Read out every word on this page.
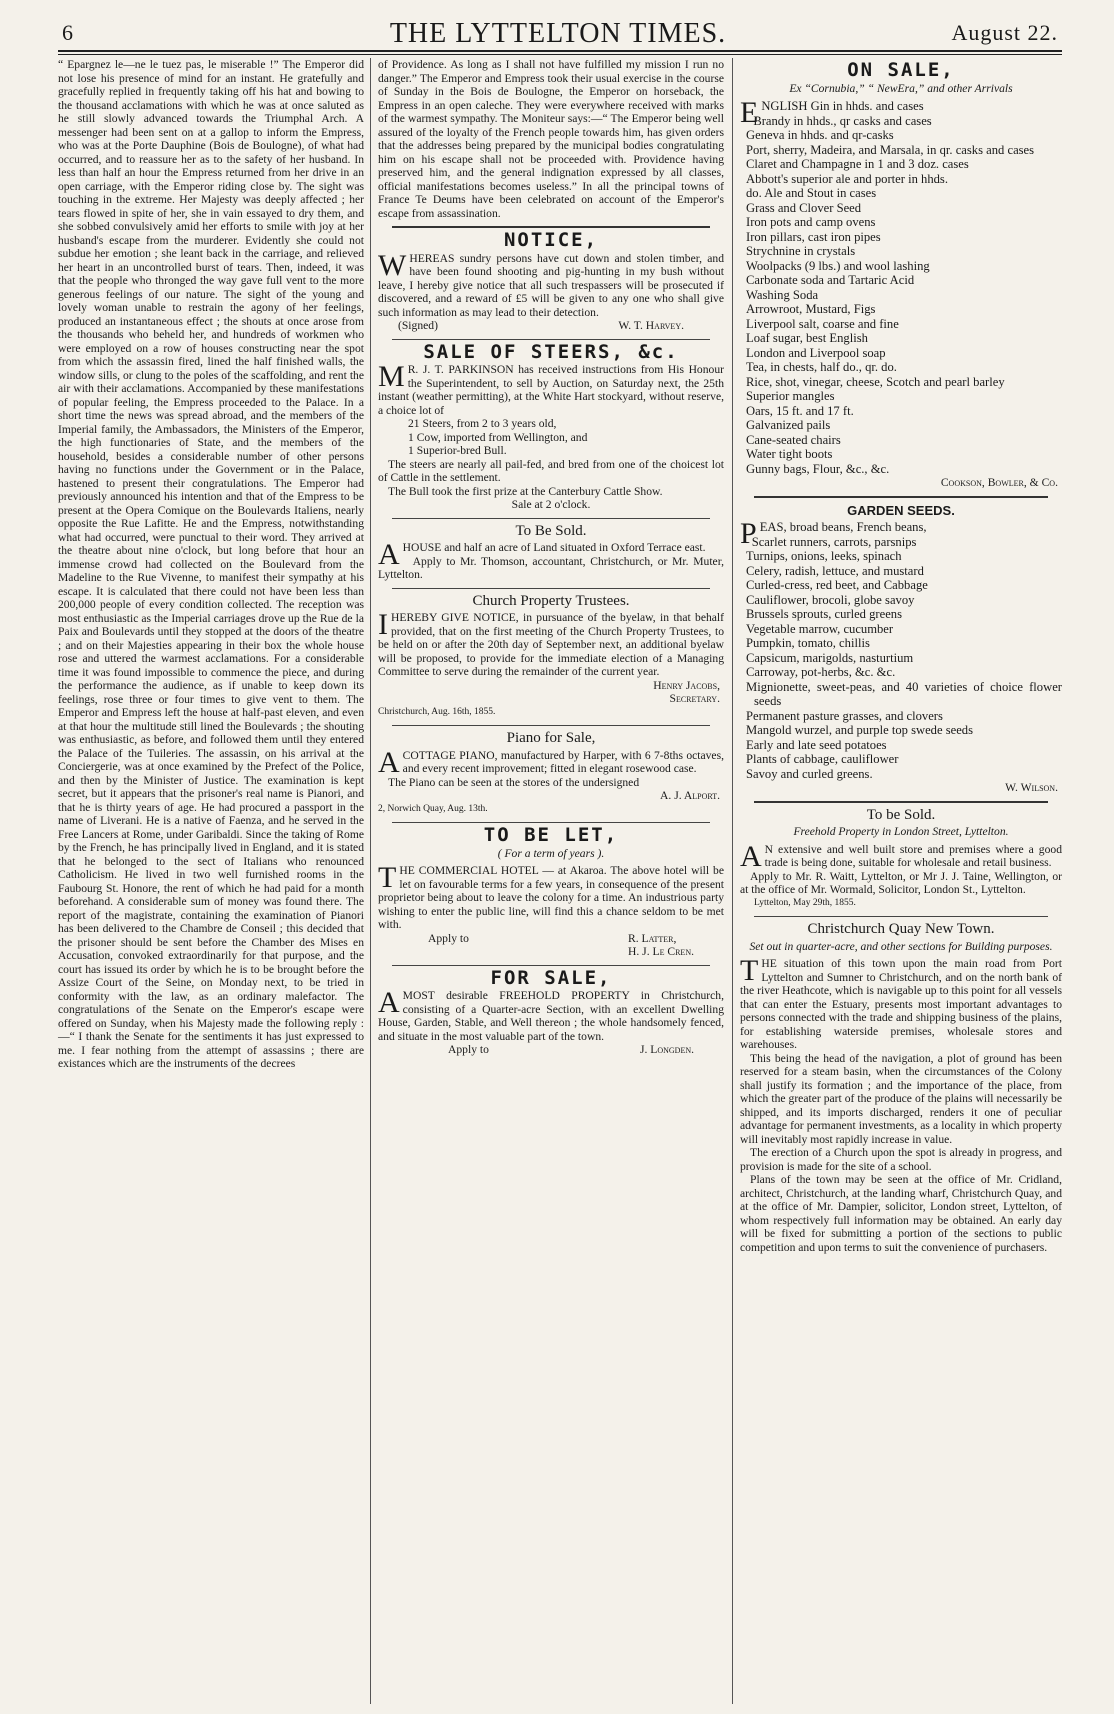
6	THE LYTTELTON TIMES.	August 22.

“ Epargnez le—ne le tuez pas, le miserable !” The Emperor did not lose his presence of mind for an instant. He gratefully and gracefully replied in frequently taking off his hat and bowing to the thousand acclamations with which he was at once saluted as he still slowly advanced towards the Triumphal Arch. A messenger had been sent on at a gallop to inform the Empress, who was at the Porte Dauphine (Bois de Boulogne), of what had occurred, and to reassure her as to the safety of her husband. In less than half an hour the Empress returned from her drive in an open carriage, with the Emperor riding close by. The sight was touching in the extreme. Her Majesty was deeply affected ; her tears flowed in spite of her, she in vain essayed to dry them, and she sobbed convulsively amid her efforts to smile with joy at her husband's escape from the murderer. Evidently she could not subdue her emotion ; she leant back in the carriage, and relieved her heart in an uncontrolled burst of tears. Then, indeed, it was that the people who thronged the way gave full vent to the more generous feelings of our nature. The sight of the young and lovely woman unable to restrain the agony of her feelings, produced an instantaneous effect ; the shouts at once arose from the thousands who beheld her, and hundreds of workmen who were employed on a row of houses constructing near the spot from which the assassin fired, lined the half finished walls, the window sills, or clung to the poles of the scaffolding, and rent the air with their acclamations. Accompanied by these manifestations of popular feeling, the Empress proceeded to the Palace. In a short time the news was spread abroad, and the members of the Imperial family, the Ambassadors, the Ministers of the Emperor, the high functionaries of State, and the members of the household, besides a considerable number of other persons having no functions under the Government or in the Palace, hastened to present their congratulations. The Emperor had previously announced his intention and that of the Empress to be present at the Opera Comique on the Boulevards Italiens, nearly opposite the Rue Lafitte. He and the Empress, notwithstanding what had occurred, were punctual to their word. They arrived at the theatre about nine o'clock, but long before that hour an immense crowd had collected on the Boulevard from the Madeline to the Rue Vivenne, to manifest their sympathy at his escape. It is calculated that there could not have been less than 200,000 people of every condition collected. The reception was most enthusiastic as the Imperial carriages drove up the Rue de la Paix and Boulevards until they stopped at the doors of the theatre ; and on their Majesties appearing in their box the whole house rose and uttered the warmest acclamations. For a considerable time it was found impossible to commence the piece, and during the performance the audience, as if unable to keep down its feelings, rose three or four times to give vent to them. The Emperor and Empress left the house at half-past eleven, and even at that hour the multitude still lined the Boulevards ; the shouting was enthusiastic, as before, and followed them until they entered the Palace of the Tuileries. The assassin, on his arrival at the Conciergerie, was at once examined by the Prefect of the Police, and then by the Minister of Justice. The examination is kept secret, but it appears that the prisoner's real name is Pianori, and that he is thirty years of age. He had procured a passport in the name of Liverani. He is a native of Faenza, and he served in the Free Lancers at Rome, under Garibaldi. Since the taking of Rome by the French, he has principally lived in England, and it is stated that he belonged to the sect of Italians who renounced Catholicism. He lived in two well furnished rooms in the Faubourg St. Honore, the rent of which he had paid for a month beforehand. A considerable sum of money was found there. The report of the magistrate, containing the examination of Pianori has been delivered to the Chambre de Conseil ; this decided that the prisoner should be sent before the Chamber des Mises en Accusation, convoked extraordinarily for that purpose, and the court has issued its order by which he is to be brought before the Assize Court of the Seine, on Monday next, to be tried in conformity with the law, as an ordinary malefactor. The congratulations of the Senate on the Emperor's escape were offered on Sunday, when his Majesty made the following reply :—“ I thank the Senate for the sentiments it has just expressed to me. I fear nothing from the attempt of assassins ; there are existances which are the instruments of the decrees

of Providence. As long as I shall not have fulfilled my mission I run no danger.” The Emperor and Empress took their usual exercise in the course of Sunday in the Bois de Boulogne, the Emperor on horseback, the Empress in an open caleche. They were everywhere received with marks of the warmest sympathy. The Moniteur says:—“ The Emperor being well assured of the loyalty of the French people towards him, has given orders that the addresses being prepared by the municipal bodies congratulating him on his escape shall not be proceeded with. Providence having preserved him, and the general indignation expressed by all classes, official manifestations becomes useless.” In all the principal towns of France Te Deums have been celebrated on account of the Emperor's escape from assassination.

NOTICE,

WHEREAS sundry persons have cut down and stolen timber, and have been found shooting and pig-hunting in my bush without leave, I hereby give notice that all such trespassers will be prosecuted if discovered, and a reward of £5 will be given to any one who shall give such information as may lead to their detection.

(Signed)	W. T. Harvey.
SALE OF STEERS, &c.

M R. J. T. PARKINSON has received instructions from His Honour the Superintendent, to sell by Auction, on Saturday next, the 25th instant (weather permitting), at the White Hart stockyard, without reserve, a choice lot of

21 Steers, from 2 to 3 years old,
1 Cow, imported from Wellington, and
1 Superior-bred Bull.

The steers are nearly all pail-fed, and bred from one of the choicest lot of Cattle in the settlement.

The Bull took the first prize at the Canterbury Cattle Show.

Sale at 2 o'clock.
To Be Sold.

AHOUSE and half an acre of Land situated in Oxford Terrace east.

Apply to Mr. Thomson, accountant, Christchurch, or Mr. Muter, Lyttelton.

Church Property Trustees.

IHEREBY GIVE NOTICE, in pursuance of the byelaw, in that behalf provided, that on the first meeting of the Church Property Trustees, to be held on or after the 20th day of September next, an additional byelaw will be proposed, to provide for the immediate election of a Managing Committee to serve during the remainder of the current year.

Henry Jacobs,
Secretary.
Christchurch, Aug. 16th, 1855.
Piano for Sale,

ACOTTAGE PIANO, manufactured by Harper, with 6 7-8ths octaves, and every recent improvement; fitted in elegant rosewood case.

The Piano can be seen at the stores of the undersigned

A. J. Alport.
2, Norwich Quay, Aug. 13th.
TO BE LET,
( For a term of years ).

THE COMMERCIAL HOTEL — at Akaroa. The above hotel will be let on favourable terms for a few years, in consequence of the present proprietor being about to leave the colony for a time. An industrious party wishing to enter the public line, will find this a chance seldom to be met with.

Apply to	R. Latter,
H. J. Le Cren.
FOR SALE,

AMOST desirable FREEHOLD PROPERTY in Christchurch, consisting of a Quarter-acre Section, with an excellent Dwelling House, Garden, Stable, and Well thereon ; the whole handsomely fenced, and situate in the most valuable part of the town.

Apply to	J. Longden.
ON SALE,
Ex “Cornubia,” “ NewEra,” and other Arrivals
ENGLISH Gin in hhds. and cases
Brandy in hhds., qr casks and cases
Geneva in hhds. and qr-casks
Port, sherry, Madeira, and Marsala, in qr. casks and cases
Claret and Champagne in 1 and 3 doz. cases
Abbott's superior ale and porter in hhds.
do. Ale and Stout in cases
Grass and Clover Seed
Iron pots and camp ovens
Iron pillars, cast iron pipes
Strychnine in crystals
Woolpacks (9 lbs.) and wool lashing
Carbonate soda and Tartaric Acid
Washing Soda
Arrowroot, Mustard, Figs
Liverpool salt, coarse and fine
Loaf sugar, best English
London and Liverpool soap
Tea, in chests, half do., qr. do.
Rice, shot, vinegar, cheese, Scotch and pearl barley
Superior mangles
Oars, 15 ft. and 17 ft.
Galvanized pails
Cane-seated chairs
Water tight boots
Gunny bags, Flour, &c., &c.
Cookson, Bowler, & Co.
GARDEN SEEDS.
PEAS, broad beans, French beans,
Scarlet runners, carrots, parsnips
Turnips, onions, leeks, spinach
Celery, radish, lettuce, and mustard
Curled-cress, red beet, and Cabbage
Cauliflower, brocoli, globe savoy
Brussels sprouts, curled greens
Vegetable marrow, cucumber
Pumpkin, tomato, chillis
Capsicum, marigolds, nasturtium
Carroway, pot-herbs, &c. &c.
Mignionette, sweet-peas, and 40 varieties of choice flower seeds
Permanent pasture grasses, and clovers
Mangold wurzel, and purple top swede seeds
Early and late seed potatoes
Plants of cabbage, cauliflower
Savoy and curled greens.
W. Wilson.
To be Sold.
Freehold Property in London Street, Lyttelton.

A N extensive and well built store and premises where a good trade is being done, suitable for wholesale and retail business.

Apply to Mr. R. Waitt, Lyttelton, or Mr J. J. Taine, Wellington, or at the office of Mr. Wormald, Solicitor, London St., Lyttelton.

Lyttelton, May 29th, 1855.
Christchurch Quay New Town.
Set out in quarter-acre, and other sections for Building purposes.

THE situation of this town upon the main road from Port Lyttelton and Sumner to Christchurch, and on the north bank of the river Heathcote, which is navigable up to this point for all vessels that can enter the Estuary, presents most important advantages to persons connected with the trade and shipping business of the plains, for establishing waterside premises, wholesale stores and warehouses.

This being the head of the navigation, a plot of ground has been reserved for a steam basin, when the circumstances of the Colony shall justify its formation ; and the importance of the place, from which the greater part of the produce of the plains will necessarily be shipped, and its imports discharged, renders it one of peculiar advantage for permanent investments, as a locality in which property will inevitably most rapidly increase in value.

The erection of a Church upon the spot is already in progress, and provision is made for the site of a school.

Plans of the town may be seen at the office of Mr. Cridland, architect, Christchurch, at the landing wharf, Christchurch Quay, and at the office of Mr. Dampier, solicitor, London street, Lyttelton, of whom respectively full information may be obtained. An early day will be fixed for submitting a portion of the sections to public competition and upon terms to suit the convenience of purchasers.
